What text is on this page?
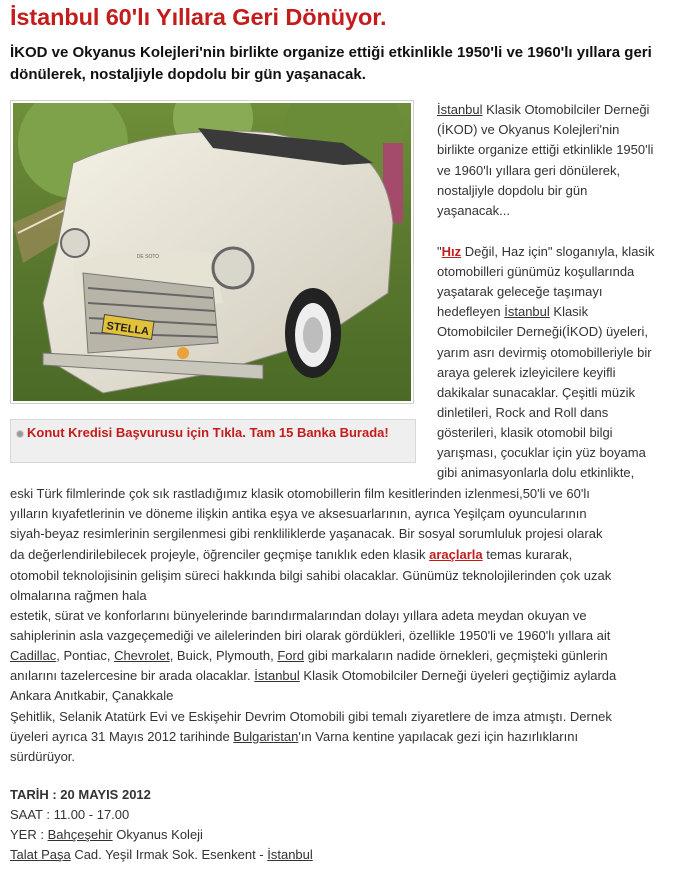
İstanbul 60'lı Yıllara Geri Dönüyor.

İKOD ve Okyanus Kolejleri'nin birlikte organize ettiği etkinlikle 1950'li ve 1960'lı yıllara geri dönülerek, nostaljiyle dopdolu bir gün yaşanacak.

STELLA
DE SOTO
Konut Kredisi Başvurusu için Tıkla. Tam 15 Banka Burada!
İstanbul Klasik Otomobilciler Derneği
(İKOD) ve Okyanus Kolejleri'nin
birlikte organize ettiği etkinlikle 1950'li
ve 1960'lı yıllara geri dönülerek,
nostaljiyle dopdolu bir gün
yaşanacak...
"Hız Değil, Haz için" sloganıyla, klasik
otomobilleri günümüz koşullarında
yaşatarak geleceğe taşımayı
hedefleyen İstanbul Klasik
Otomobilciler Derneği(İKOD) üyeleri,
yarım asrı devirmiş otomobilleriyle bir
araya gelerek izleyicilere keyifli
dakikalar sunacaklar. Çeşitli müzik
dinletileri, Rock and Roll dans
gösterileri, klasik otomobil bilgi
yarışması, çocuklar için yüz boyama
gibi animasyonlarla dolu etkinlikte,
eski Türk filmlerinde çok sık rastladığımız klasik otomobillerin film kesitlerinden izlenmesi,50'li ve 60'lı
yılların kıyafetlerinin ve döneme ilişkin antika eşya ve aksesuarlarının, ayrıca Yeşilçam oyuncularının
siyah-beyaz resimlerinin sergilenmesi gibi renkliliklerde yaşanacak. Bir sosyal sorumluluk projesi olarak
da değerlendirilebilecek projeyle, öğrenciler geçmişe tanıklık eden klasik araçlarla temas kurarak,
otomobil teknolojisinin gelişim süreci hakkında bilgi sahibi olacaklar. Günümüz teknolojilerinden çok uzak
olmalarına rağmen hala
estetik, sürat ve konforlarını bünyelerinde barındırmalarından dolayı yıllara adeta meydan okuyan ve
sahiplerinin asla vazgeçemediği ve ailelerinden biri olarak gördükleri, özellikle 1950'li ve 1960'lı yıllara ait
Cadillac, Pontiac, Chevrolet, Buick, Plymouth, Ford gibi markaların nadide örnekleri, geçmişteki günlerin
anılarını tazelercesine bir arada olacaklar. İstanbul Klasik Otomobilciler Derneği üyeleri geçtiğimiz aylarda
Ankara Anıtkabir, Çanakkale
Şehitlik, Selanik Atatürk Evi ve Eskişehir Devrim Otomobili gibi temalı ziyaretlere de imza atmıştı. Dernek
üyeleri ayrıca 31 Mayıs 2012 tarihinde Bulgaristan'ın Varna kentine yapılacak gezi için hazırlıklarını
sürdürüyor.
TARİH : 20 MAYIS 2012
SAAT : 11.00 - 17.00
YER : Bahçeşehir Okyanus Koleji
Talat Paşa Cad. Yeşil Irmak Sok. Esenkent - İstanbul
